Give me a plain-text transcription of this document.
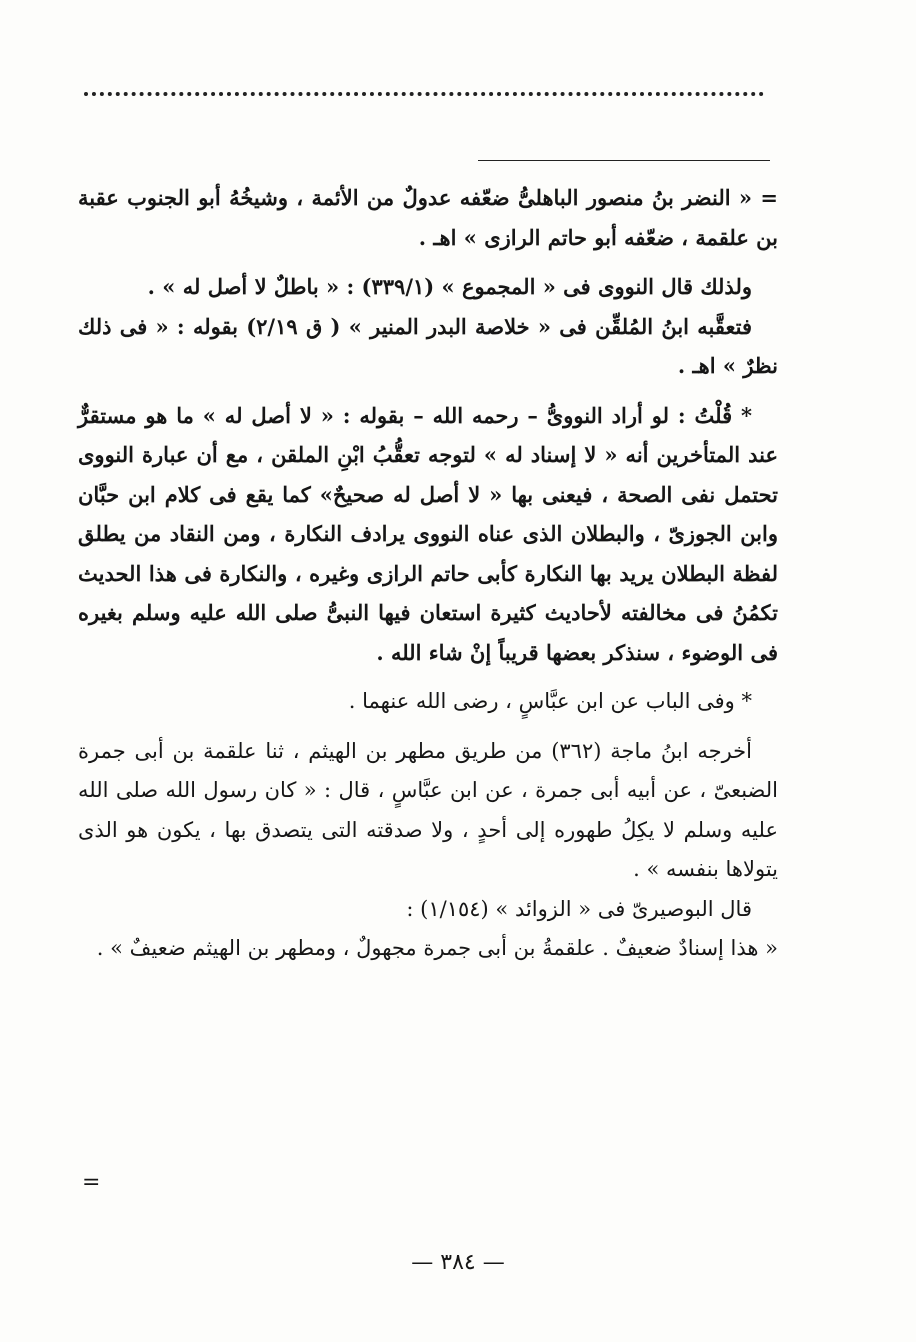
= « النضر بنُ منصور الباهلىُّ ضعّفه عدولٌ من الأئمة ، وشيخُهُ أبو الجنوب عقبة بن علقمة ، ضعّفه أبو حاتم الرازى » اهـ .

ولذلك قال النووى فى « المجموع » (٣٣٩/١) : « باطلٌ لا أصل له » .

فتعقَّبه ابنُ المُلقِّن فى « خلاصة البدر المنير » ( ق ٢/١٩) بقوله : « فى ذلك نظرٌ » اهـ .

* قُلْتُ : لو أراد النووىُّ – رحمه الله – بقوله : « لا أصل له » ما هو مستقرٌّ عند المتأخرين أنه « لا إسناد له » لتوجه تعقُّبُ ابْنِ الملقن ، مع أن عبارة النووى تحتمل نفى الصحة ، فيعنى بها « لا أصل له صحيحٌ» كما يقع فى كلام ابن حبَّان وابن الجوزىّ ، والبطلان الذى عناه النووى يرادف النكارة ، ومن النقاد من يطلق لفظة البطلان يريد بها النكارة كأبى حاتم الرازى وغيره ، والنكارة فى هذا الحديث تكمُنُ فى مخالفته لأحاديث كثيرة استعان فيها النبىُّ صلى الله عليه وسلم بغيره فى الوضوء ، سنذكر بعضها قريباً إنْ شاء الله .

* وفى الباب عن ابن عبَّاسٍ ، رضى الله عنهما .

أخرجه ابنُ ماجة (٣٦٢) من طريق مطهر بن الهيثم ، ثنا علقمة بن أبى جمرة الضبعىّ ، عن أبيه أبى جمرة ، عن ابن عبَّاسٍ ، قال : « كان رسول الله صلى الله عليه وسلم لا يكِلُ طهوره إلى أحدٍ ، ولا صدقته التى يتصدق بها ، يكون هو الذى يتولاها بنفسه » .

قال البوصيرىّ فى « الزوائد » (١/١٥٤) :

« هذا إسنادٌ ضعيفٌ . علقمةُ بن أبى جمرة مجهولٌ ، ومطهر بن الهيثم ضعيفٌ » .

=
— ٣٨٤ —
